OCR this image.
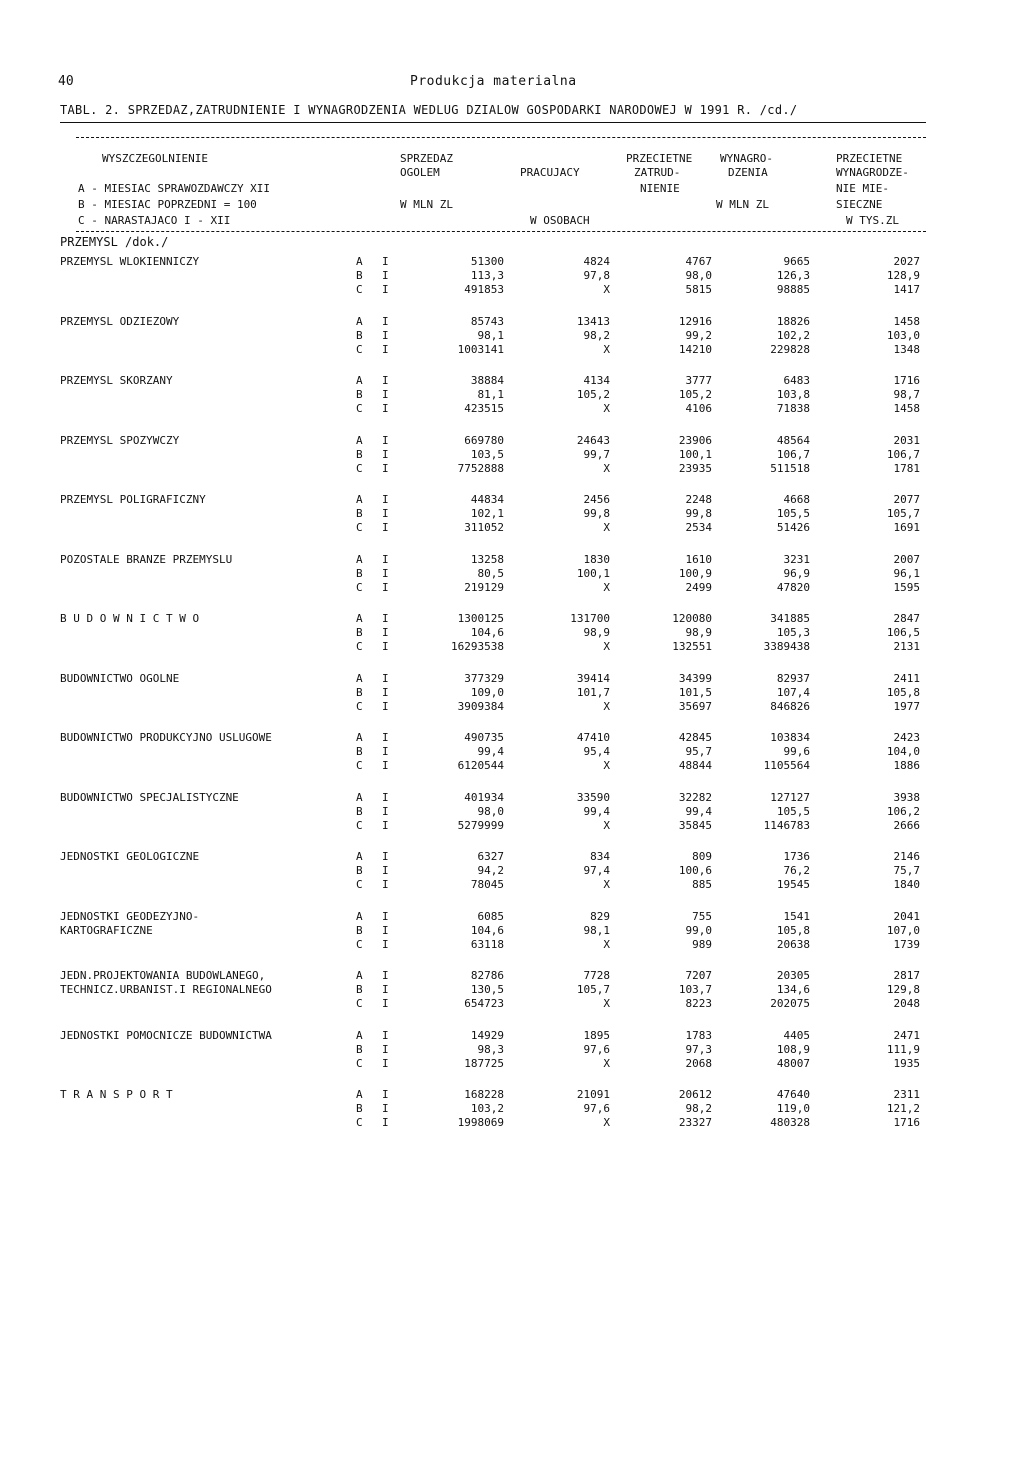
40	Produkcja materialna
TABL. 2. SPRZEDAZ,ZATRUDNIENIE I WYNAGRODZENIA WEDLUG DZIALOW GOSPODARKI NARODOWEJ W 1991 R. /cd./
WYSZCZEGOLNIENIE
A - MIESIAC SPRAWOZDAWCZY XII
B - MIESIAC POPRZEDNI = 100
C - NARASTAJACO I - XII
SPRZEDAZ
OGOLEM
W MLN ZL
PRACUJACY
W OSOBACH
PRZECIETNE
ZATRUD-
NIENIE
WYNAGRO-
DZENIA
W MLN ZL
PRZECIETNE
WYNAGRODZE-
NIE MIE-
SIECZNE
W TYS.ZL
PRZEMYSL /dok./
PRZEMYSL WLOKIENNICZY	A I	51300	4824	4767	9665	2027
B I	113,3	97,8	98,0	126,3	128,9
C I	491853	X	5815	98885	1417
PRZEMYSL ODZIEZOWY	A I	85743	13413	12916	18826	1458
B I	98,1	98,2	99,2	102,2	103,0
C I	1003141	X	14210	229828	1348
PRZEMYSL SKORZANY	A I	38884	4134	3777	6483	1716
B I	81,1	105,2	105,2	103,8	98,7
C I	423515	X	4106	71838	1458
PRZEMYSL SPOZYWCZY	A I	669780	24643	23906	48564	2031
B I	103,5	99,7	100,1	106,7	106,7
C I	7752888	X	23935	511518	1781
PRZEMYSL POLIGRAFICZNY	A I	44834	2456	2248	4668	2077
B I	102,1	99,8	99,8	105,5	105,7
C I	311052	X	2534	51426	1691
POZOSTALE BRANZE PRZEMYSLU	A I	13258	1830	1610	3231	2007
B I	80,5	100,1	100,9	96,9	96,1
C I	219129	X	2499	47820	1595
B U D O W N I C T W O	A I	1300125	131700	120080	341885	2847
B I	104,6	98,9	98,9	105,3	106,5
C I	16293538	X	132551	3389438	2131
BUDOWNICTWO OGOLNE	A I	377329	39414	34399	82937	2411
B I	109,0	101,7	101,5	107,4	105,8
C I	3909384	X	35697	846826	1977
BUDOWNICTWO PRODUKCYJNO USLUGOWE	A I	490735	47410	42845	103834	2423
B I	99,4	95,4	95,7	99,6	104,0
C I	6120544	X	48844	1105564	1886
BUDOWNICTWO SPECJALISTYCZNE	A I	401934	33590	32282	127127	3938
B I	98,0	99,4	99,4	105,5	106,2
C I	5279999	X	35845	1146783	2666
JEDNOSTKI GEOLOGICZNE	A I	6327	834	809	1736	2146
B I	94,2	97,4	100,6	76,2	75,7
C I	78045	X	885	19545	1840
JEDNOSTKI GEODEZYJNO-	A I	6085	829	755	1541	2041
KARTOGRAFICZNE	B I	104,6	98,1	99,0	105,8	107,0
C I	63118	X	989	20638	1739
JEDN.PROJEKTOWANIA BUDOWLANEGO,	A I	82786	7728	7207	20305	2817
TECHNICZ.URBANIST.I REGIONALNEGO	B I	130,5	105,7	103,7	134,6	129,8
C I	654723	X	8223	202075	2048
JEDNOSTKI POMOCNICZE BUDOWNICTWA	A I	14929	1895	1783	4405	2471
B I	98,3	97,6	97,3	108,9	111,9
C I	187725	X	2068	48007	1935
T R A N S P O R T	A I	168228	21091	20612	47640	2311
B I	103,2	97,6	98,2	119,0	121,2
C I	1998069	X	23327	480328	1716
